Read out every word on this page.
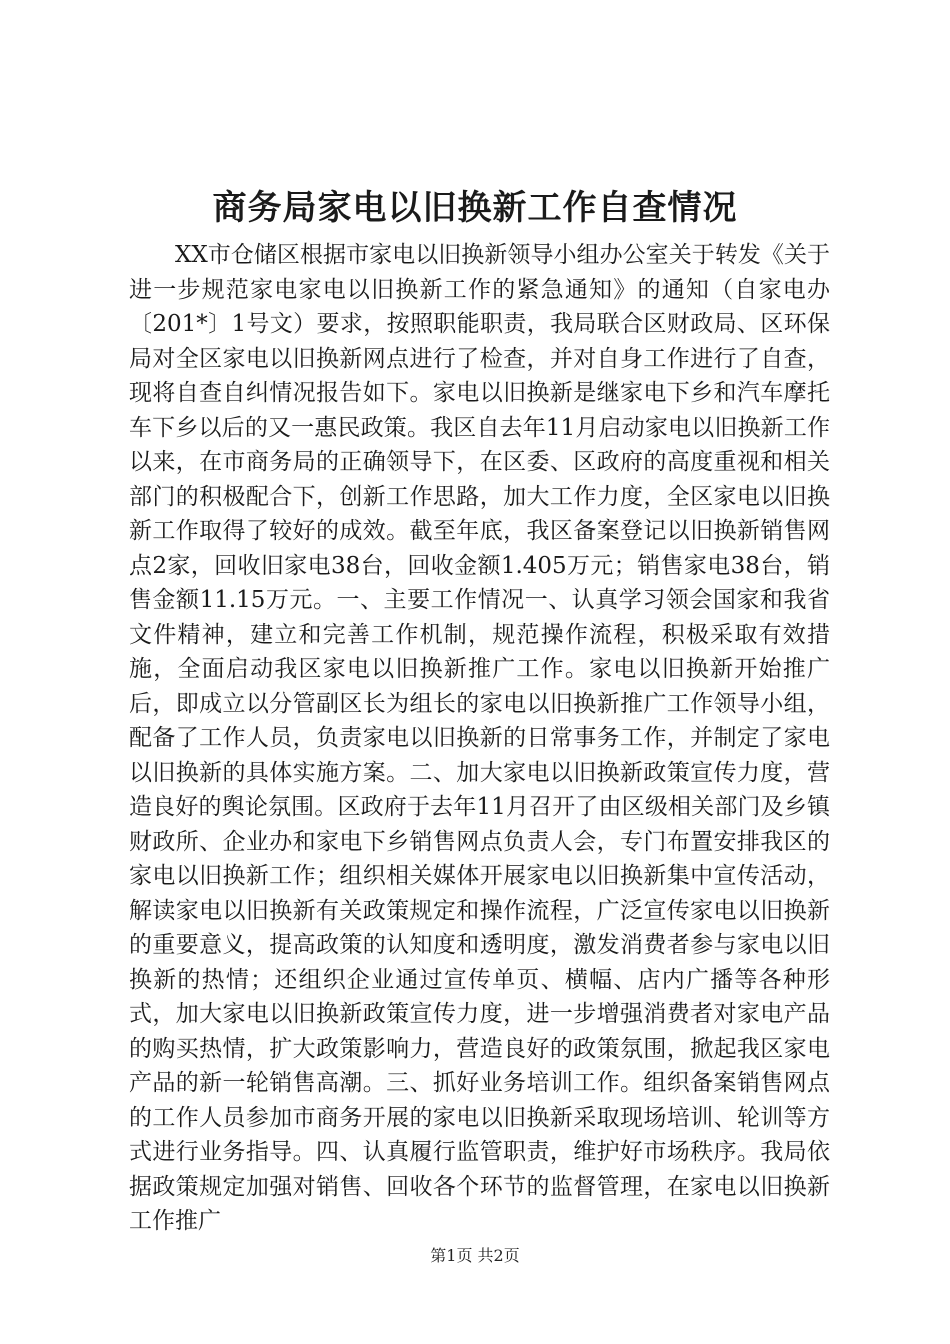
商务局家电以旧换新工作自查情况

XX市仓储区根据市家电以旧换新领导小组办公室关于转发《关于进一步规范家电家电以旧换新工作的紧急通知》的通知（自家电办〔201*〕1号文）要求，按照职能职责，我局联合区财政局、区环保局对全区家电以旧换新网点进行了检查，并对自身工作进行了自查，现将自查自纠情况报告如下。家电以旧换新是继家电下乡和汽车摩托车下乡以后的又一惠民政策。我区自去年11月启动家电以旧换新工作以来，在市商务局的正确领导下，在区委、区政府的高度重视和相关部门的积极配合下，创新工作思路，加大工作力度，全区家电以旧换新工作取得了较好的成效。截至年底，我区备案登记以旧换新销售网点2家，回收旧家电38台，回收金额1.405万元；销售家电38台，销售金额11.15万元。一、主要工作情况一、认真学习领会国家和我省文件精神，建立和完善工作机制，规范操作流程，积极采取有效措施，全面启动我区家电以旧换新推广工作。家电以旧换新开始推广后，即成立以分管副区长为组长的家电以旧换新推广工作领导小组，配备了工作人员，负责家电以旧换新的日常事务工作，并制定了家电以旧换新的具体实施方案。二、加大家电以旧换新政策宣传力度，营造良好的舆论氛围。区政府于去年11月召开了由区级相关部门及乡镇财政所、企业办和家电下乡销售网点负责人会，专门布置安排我区的家电以旧换新工作；组织相关媒体开展家电以旧换新集中宣传活动，解读家电以旧换新有关政策规定和操作流程，广泛宣传家电以旧换新的重要意义，提高政策的认知度和透明度，激发消费者参与家电以旧换新的热情；还组织企业通过宣传单页、横幅、店内广播等各种形式，加大家电以旧换新政策宣传力度，进一步增强消费者对家电产品的购买热情，扩大政策影响力，营造良好的政策氛围，掀起我区家电产品的新一轮销售高潮。三、抓好业务培训工作。组织备案销售网点的工作人员参加市商务开展的家电以旧换新采取现场培训、轮训等方式进行业务指导。四、认真履行监管职责，维护好市场秩序。我局依据政策规定加强对销售、回收各个环节的监督管理，在家电以旧换新工作推广

第1页 共2页
